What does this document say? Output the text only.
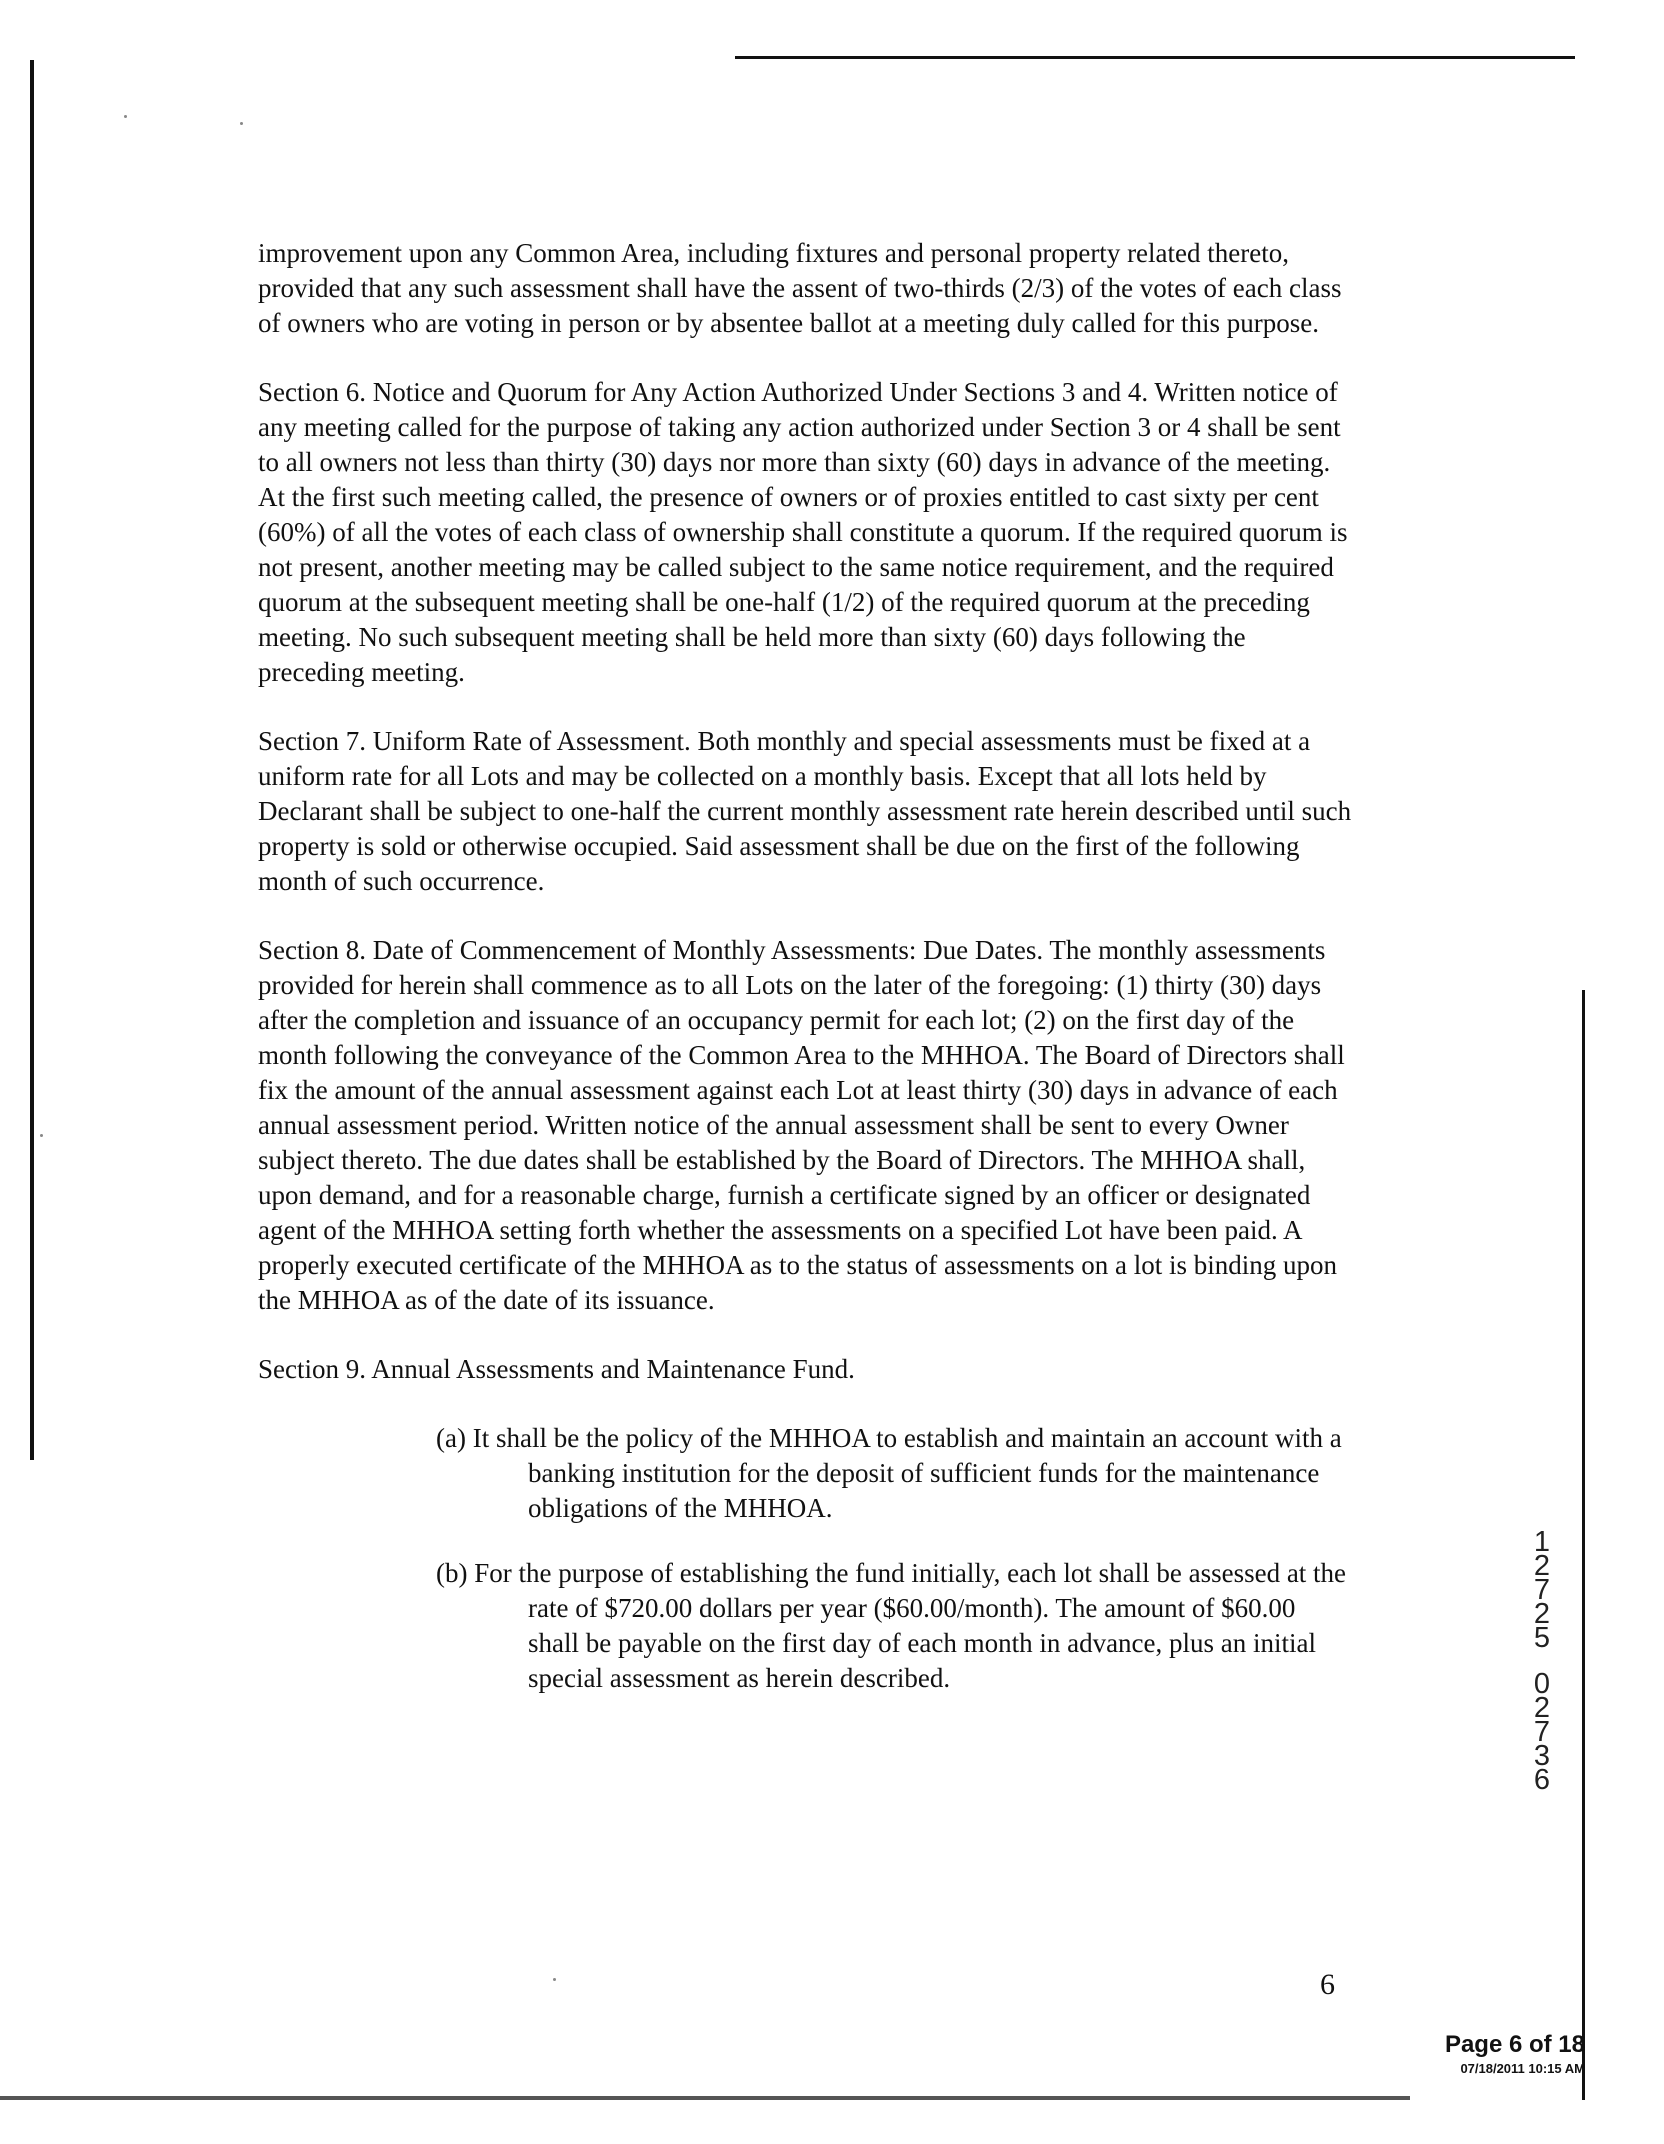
improvement upon any Common Area, including fixtures and personal property related thereto, provided that any such assessment shall have the assent of two-thirds (2/3) of the votes of each class of owners who are voting in person or by absentee ballot at a meeting duly called for this purpose.

Section 6. Notice and Quorum for Any Action Authorized Under Sections 3 and 4. Written notice of any meeting called for the purpose of taking any action authorized under Section 3 or 4 shall be sent to all owners not less than thirty (30) days nor more than sixty (60) days in advance of the meeting. At the first such meeting called, the presence of owners or of proxies entitled to cast sixty per cent (60%) of all the votes of each class of ownership shall constitute a quorum. If the required quorum is not present, another meeting may be called subject to the same notice requirement, and the required quorum at the subsequent meeting shall be one-half (1/2) of the required quorum at the preceding meeting. No such subsequent meeting shall be held more than sixty (60) days following the preceding meeting.

Section 7. Uniform Rate of Assessment. Both monthly and special assessments must be fixed at a uniform rate for all Lots and may be collected on a monthly basis. Except that all lots held by Declarant shall be subject to one-half the current monthly assessment rate herein described until such property is sold or otherwise occupied. Said assessment shall be due on the first of the following month of such occurrence.

Section 8. Date of Commencement of Monthly Assessments: Due Dates. The monthly assessments provided for herein shall commence as to all Lots on the later of the foregoing: (1) thirty (30) days after the completion and issuance of an occupancy permit for each lot; (2) on the first day of the month following the conveyance of the Common Area to the MHHOA. The Board of Directors shall fix the amount of the annual assessment against each Lot at least thirty (30) days in advance of each annual assessment period. Written notice of the annual assessment shall be sent to every Owner subject thereto. The due dates shall be established by the Board of Directors. The MHHOA shall, upon demand, and for a reasonable charge, furnish a certificate signed by an officer or designated agent of the MHHOA setting forth whether the assessments on a specified Lot have been paid. A properly executed certificate of the MHHOA as to the status of assessments on a lot is binding upon the MHHOA as of the date of its issuance.

Section 9. Annual Assessments and Maintenance Fund.

(a) It shall be the policy of the MHHOA to establish and maintain an account with a banking institution for the deposit of sufficient funds for the maintenance obligations of the MHHOA.

(b) For the purpose of establishing the fund initially, each lot shall be assessed at the rate of $720.00 dollars per year ($60.00/month). The amount of $60.00 shall be payable on the first day of each month in advance, plus an initial special assessment as herein described.

1
2
7
2
5
0
2
7
3
6
6
Page 6 of 18
07/18/2011 10:15 AM
